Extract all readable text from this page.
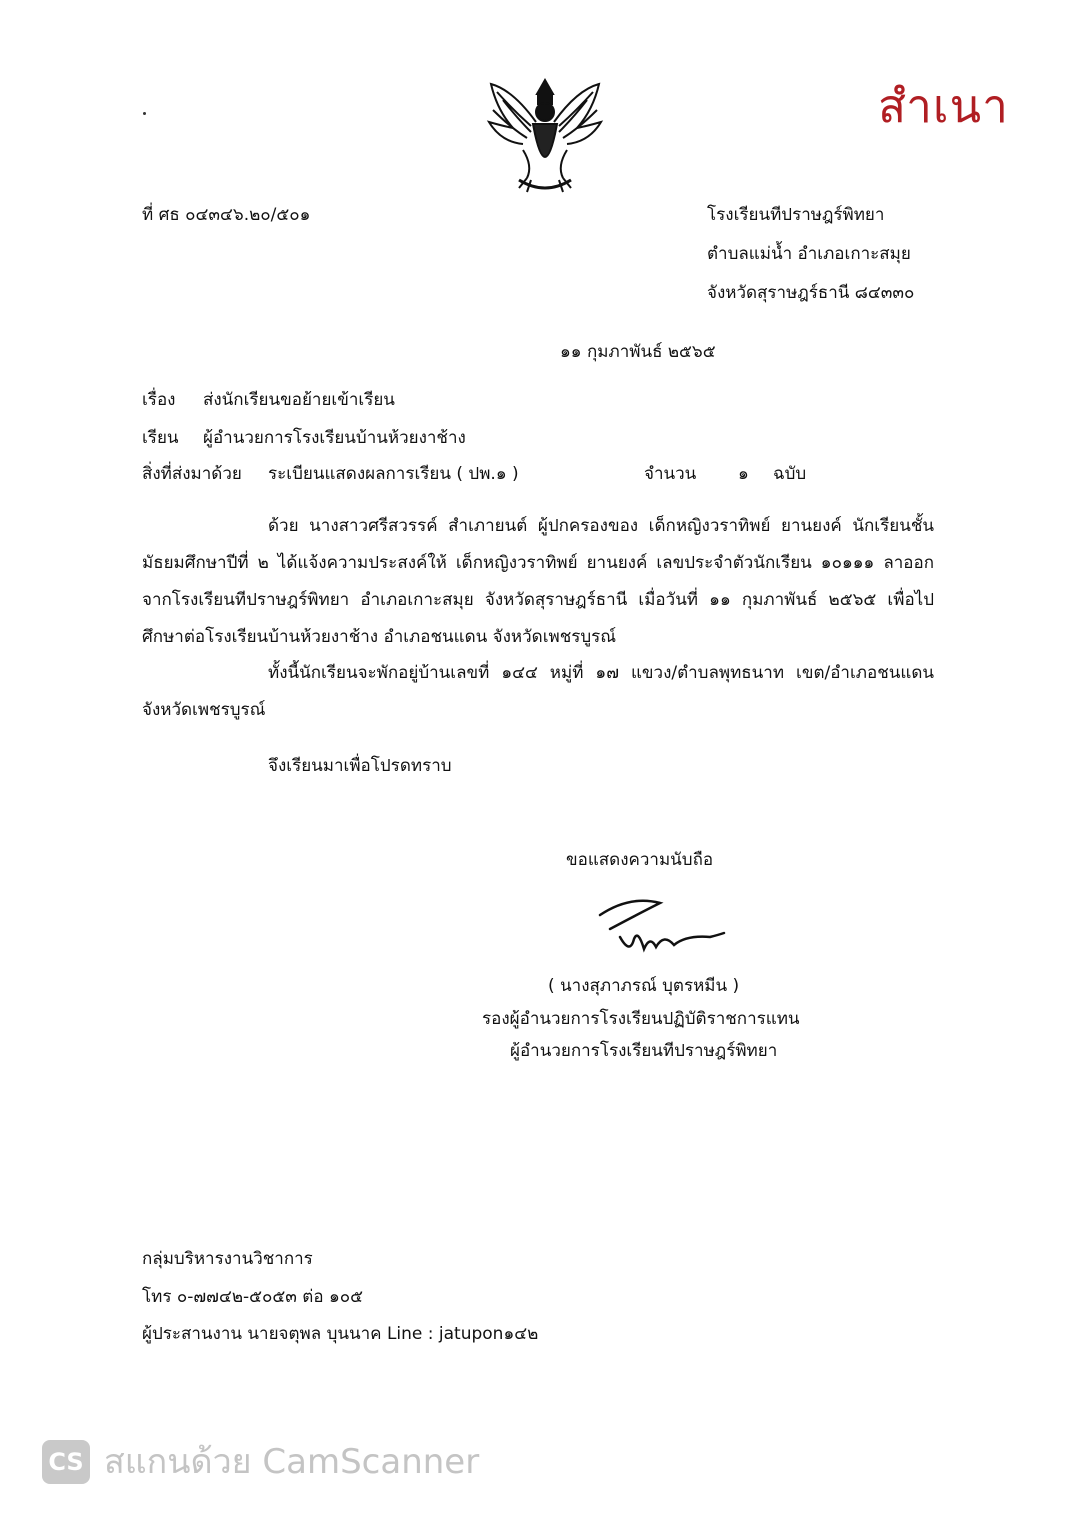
สำเนา
ที่ ศธ ๐๔๓๔๖.๒๐/๕๐๑	โรงเรียนทีปราษฎร์พิทยา
ตำบลแม่น้ำ อำเภอเกาะสมุย
จังหวัดสุราษฎร์ธานี ๘๔๓๓๐
๑๑ กุมภาพันธ์ ๒๕๖๕
เรื่อง ส่งนักเรียนขอย้ายเข้าเรียน
เรียน ผู้อำนวยการโรงเรียนบ้านห้วยงาช้าง
สิ่งที่ส่งมาด้วย ระเบียนแสดงผลการเรียน ( ปพ.๑ )	จำนวน ๑ ฉบับ
ด้วย นางสาวศรีสวรรค์ สำเภายนต์ ผู้ปกครองของ เด็กหญิงวราทิพย์ ยานยงค์ นักเรียนชั้นมัธยมศึกษาปีที่ ๒ ได้แจ้งความประสงค์ให้ เด็กหญิงวราทิพย์ ยานยงค์ เลขประจำตัวนักเรียน ๑๐๑๑๑ ลาออกจากโรงเรียนทีปราษฎร์พิทยา อำเภอเกาะสมุย จังหวัดสุราษฎร์ธานี เมื่อวันที่ ๑๑ กุมภาพันธ์ ๒๕๖๕ เพื่อไปศึกษาต่อโรงเรียนบ้านห้วยงาช้าง อำเภอชนแดน จังหวัดเพชรบูรณ์
ทั้งนี้นักเรียนจะพักอยู่บ้านเลขที่ ๑๔๔ หมู่ที่ ๑๗ แขวง/ตำบลพุทธนาท เขต/อำเภอชนแดน จังหวัดเพชรบูรณ์
จึงเรียนมาเพื่อโปรดทราบ
ขอแสดงความนับถือ
( นางสุภาภรณ์ บุตรหมีน )
รองผู้อำนวยการโรงเรียนปฏิบัติราชการแทน
ผู้อำนวยการโรงเรียนทีปราษฎร์พิทยา
กลุ่มบริหารงานวิชาการ
โทร ๐-๗๗๔๒-๕๐๕๓ ต่อ ๑๐๕
ผู้ประสานงาน นายจตุพล บุนนาค Line : jatupon๑๔๒
CS สแกนด้วย CamScanner
